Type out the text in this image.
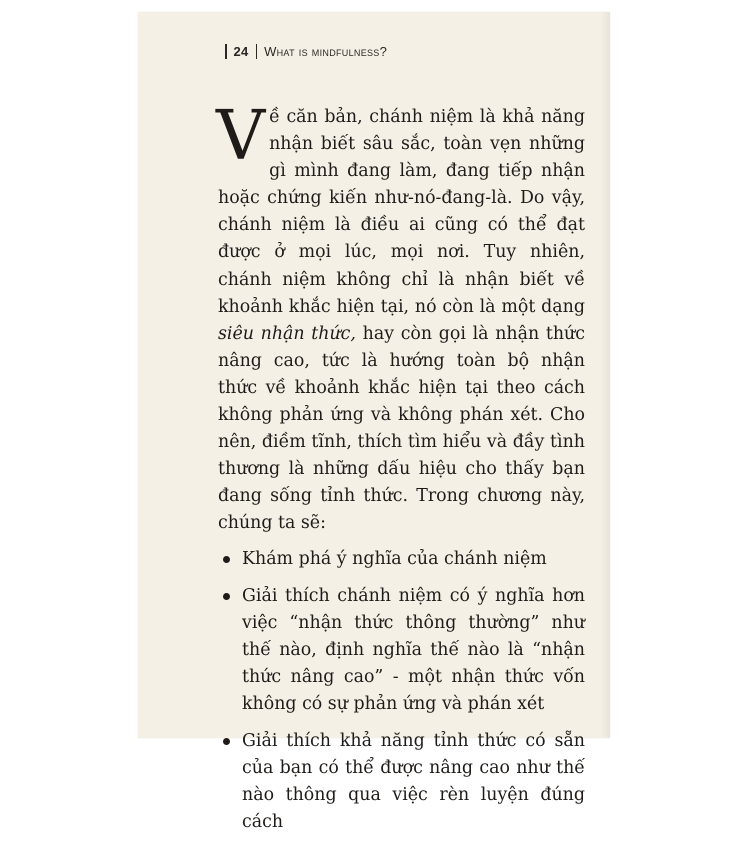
24 What is mindfulness?

Về căn bản, chánh niệm là khả năng nhận biết sâu sắc, toàn vẹn những gì mình đang làm, đang tiếp nhận hoặc chứng kiến như-nó-đang-là. Do vậy, chánh niệm là điều ai cũng có thể đạt được ở mọi lúc, mọi nơi. Tuy nhiên, chánh niệm không chỉ là nhận biết về khoảnh khắc hiện tại, nó còn là một dạng siêu nhận thức, hay còn gọi là nhận thức nâng cao, tức là hướng toàn bộ nhận thức về khoảnh khắc hiện tại theo cách không phản ứng và không phán xét. Cho nên, điềm tĩnh, thích tìm hiểu và đầy tình thương là những dấu hiệu cho thấy bạn đang sống tỉnh thức. Trong chương này, chúng ta sẽ:

Khám phá ý nghĩa của chánh niệm
Giải thích chánh niệm có ý nghĩa hơn việc “nhận thức thông thường” như thế nào, định nghĩa thế nào là “nhận thức nâng cao” - một nhận thức vốn không có sự phản ứng và phán xét
Giải thích khả năng tỉnh thức có sẵn của bạn có thể được nâng cao như thế nào thông qua việc rèn luyện đúng cách
